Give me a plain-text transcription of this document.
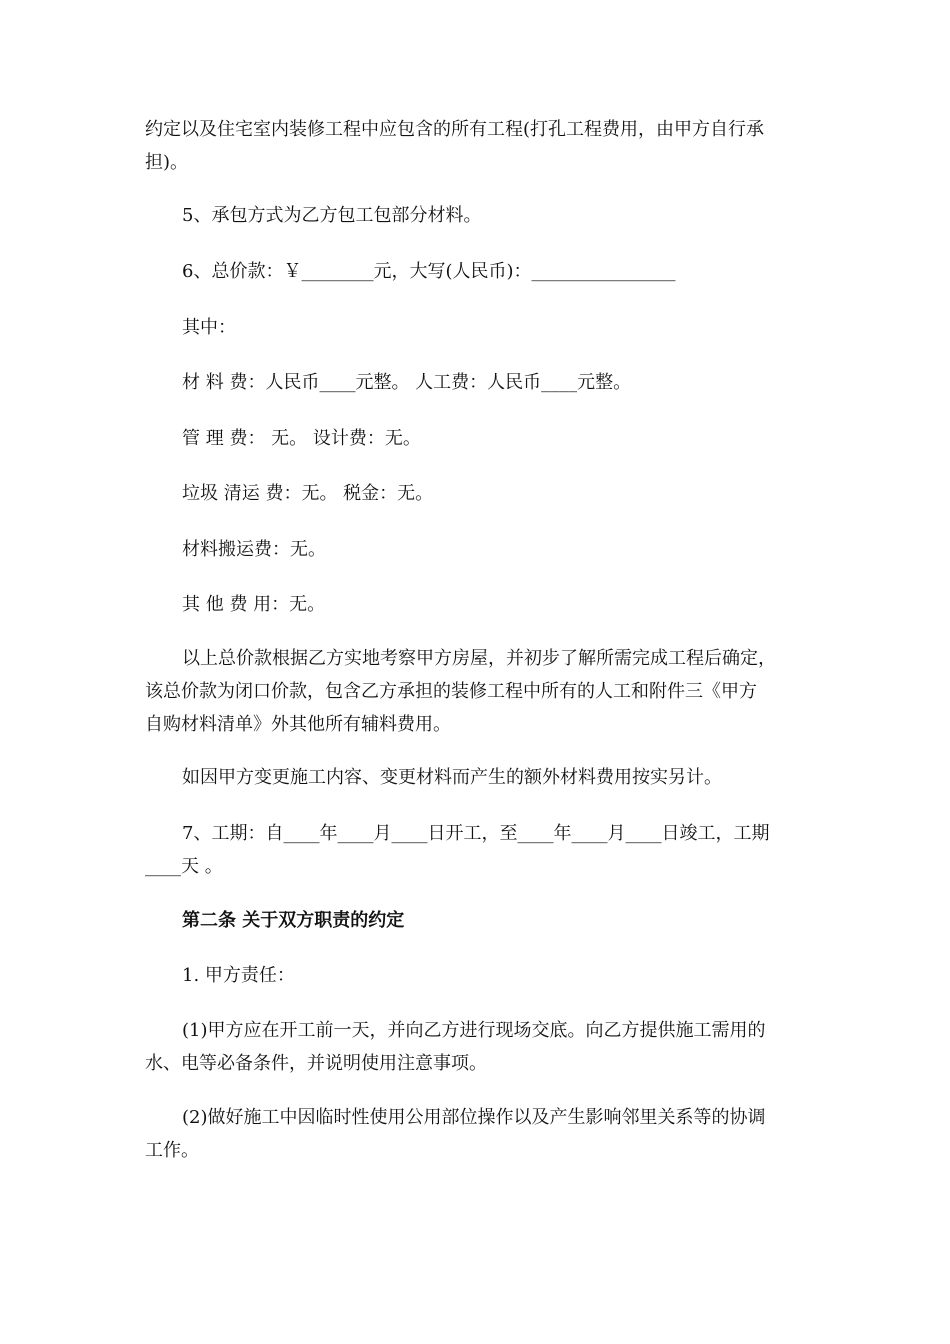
约定以及住宅室内装修工程中应包含的所有工程(打孔工程费用，由甲方自行承
担)。
5、承包方式为乙方包工包部分材料。
6、总价款：￥________元，大写(人民币)：________________
其中：
材 料 费：人民币____元整。 人工费：人民币____元整。
管 理 费： 无。 设计费：无。
垃圾 清运 费：无。 税金：无。
材料搬运费：无。
其 他 费 用：无。
以上总价款根据乙方实地考察甲方房屋，并初步了解所需完成工程后确定，
该总价款为闭口价款，包含乙方承担的装修工程中所有的人工和附件三《甲方
自购材料清单》外其他所有辅料费用。
如因甲方变更施工内容、变更材料而产生的额外材料费用按实另计。
7、工期：自____年____月____日开工，至____年____月____日竣工，工期
____天 。
第二条 关于双方职责的约定
1. 甲方责任：
(1)甲方应在开工前一天，并向乙方进行现场交底。向乙方提供施工需用的
水、电等必备条件，并说明使用注意事项。
(2)做好施工中因临时性使用公用部位操作以及产生影响邻里关系等的协调
工作。
